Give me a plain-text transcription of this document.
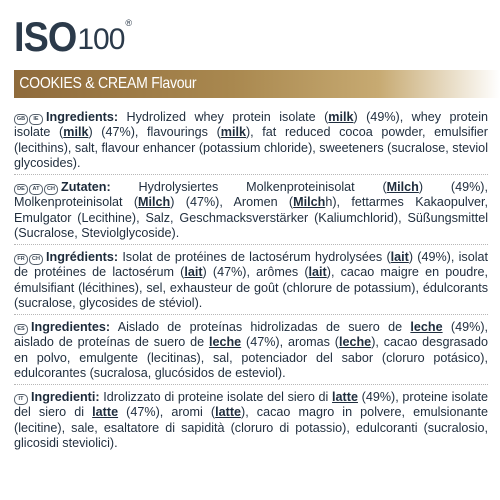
ISO 100 ®
COOKIES & CREAM Flavour

GB	IE Ingredients: Hydrolized whey protein isolate (milk) (49%), whey protein isolate (milk) (47%), flavourings (milk), fat reduced cocoa powder, emulsifier (lecithins), salt, flavour enhancer (potassium chloride), sweeteners (sucralose, steviol glycosides).

DE	AT	CH Zutaten: Hydrolysiertes Molkenproteinisolat (Milch) (49%), Molkenproteinisolat (Milch) (47%), Aromen (Milchh), fettarmes Kakaopulver, Emulgator (Lecithine), Salz, Geschmacksverstärker (Kaliumchlorid), Süßungsmittel (Sucralose, Steviolglycoside).

FR	CH Ingrédients: Isolat de protéines de lactosérum hydrolysées (lait) (49%), isolat de protéines de lactosérum (lait) (47%), arômes (lait), cacao maigre en poudre, émulsifiant (lécithines), sel, exhausteur de goût (chlorure de potassium), édulcorants (sucralose, glycosides de stéviol).

ES Ingredientes: Aislado de proteínas hidrolizadas de suero de leche (49%), aislado de proteínas de suero de leche (47%), aromas (leche), cacao desgrasado en polvo, emulgente (lecitinas), sal, potenciador del sabor (cloruro potásico), edulcorantes (sucralosa, glucósidos de esteviol).

IT Ingredienti: Idrolizzato di proteine isolate del siero di latte (49%), proteine isolate del siero di latte (47%), aromi (latte), cacao magro in polvere, emulsionante (lecitine), sale, esaltatore di sapidità (cloruro di potassio), edulcoranti (sucralosio, glicosidi steviolici).
